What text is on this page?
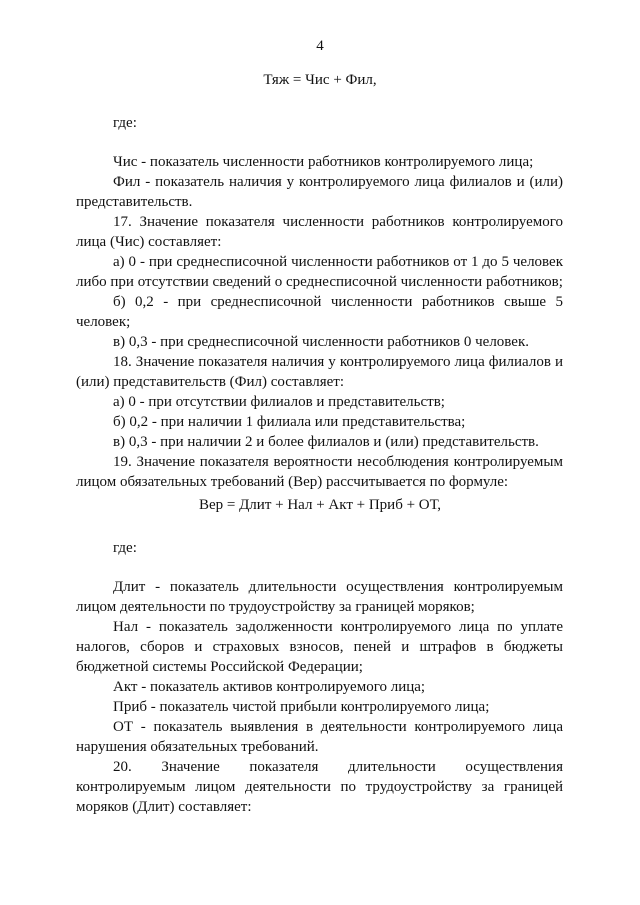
4
Тяж = Чис + Фил,

где:

Чис - показатель численности работников контролируемого лица;

Фил - показатель наличия у контролируемого лица филиалов и (или) представительств.

17. Значение показателя численности работников контролируемого лица (Чис) составляет:

а) 0 - при среднесписочной численности работников от 1 до 5 человек либо при отсутствии сведений о среднесписочной численности работников;

б) 0,2 - при среднесписочной численности работников свыше 5 человек;

в) 0,3 - при среднесписочной численности работников 0 человек.

18. Значение показателя наличия у контролируемого лица филиалов и (или) представительств (Фил) составляет:

а) 0 - при отсутствии филиалов и представительств;

б) 0,2 - при наличии 1 филиала или представительства;

в) 0,3 - при наличии 2 и более филиалов и (или) представительств.

19. Значение показателя вероятности несоблюдения контролируемым лицом обязательных требований (Вер) рассчитывается по формуле:

Вер = Длит + Нал + Акт + Приб + ОТ,

где:

Длит - показатель длительности осуществления контролируемым лицом деятельности по трудоустройству за границей моряков;

Нал - показатель задолженности контролируемого лица по уплате налогов, сборов и страховых взносов, пеней и штрафов в бюджеты бюджетной системы Российской Федерации;

Акт - показатель активов контролируемого лица;

Приб - показатель чистой прибыли контролируемого лица;

ОТ - показатель выявления в деятельности контролируемого лица нарушения обязательных требований.

20. Значение показателя длительности осуществления контролируемым лицом деятельности по трудоустройству за границей моряков (Длит) составляет:
